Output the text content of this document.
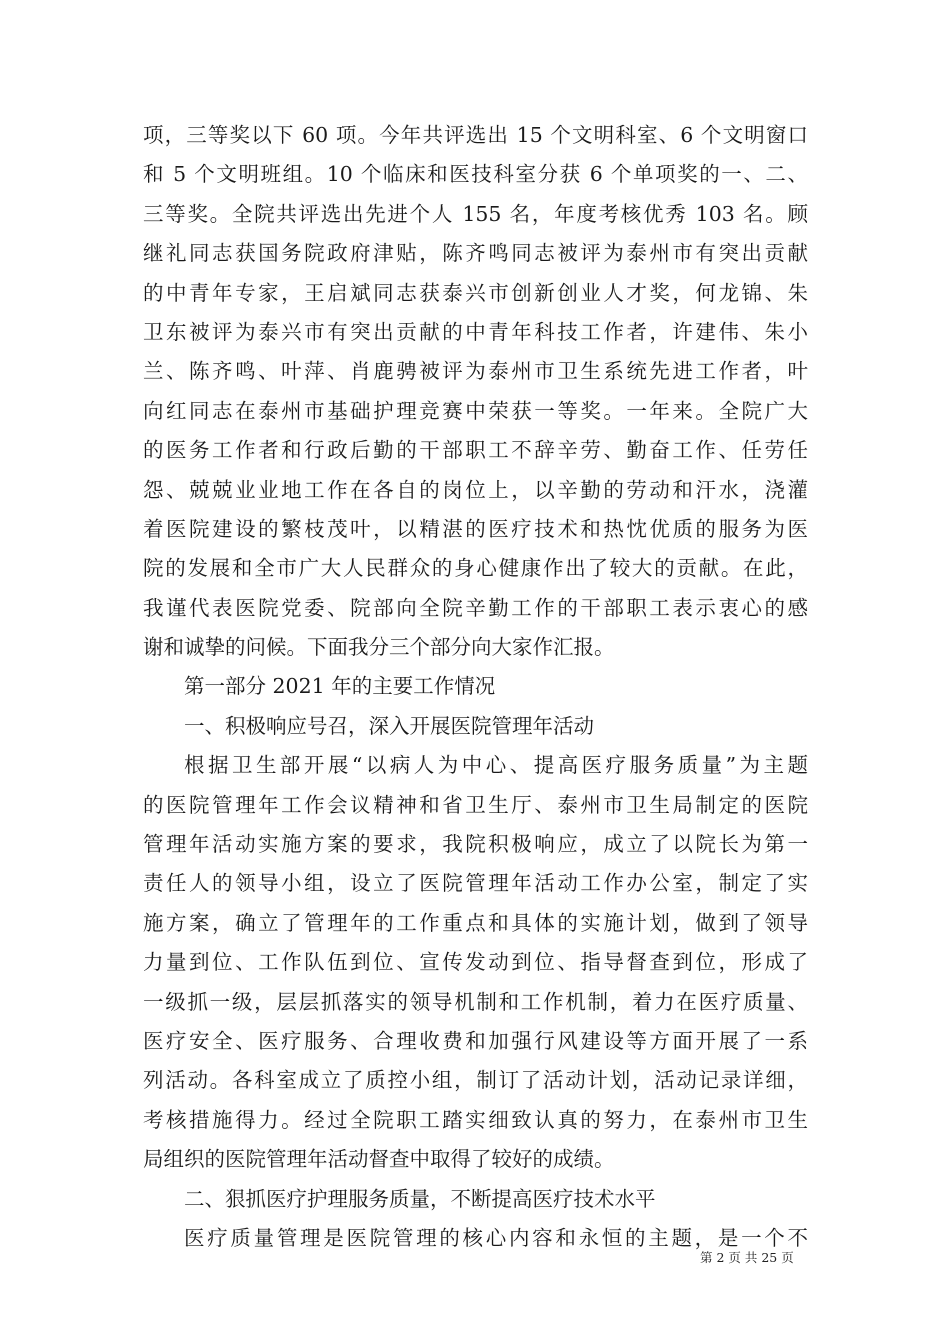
项，三等奖以下 60 项。今年共评选出 15 个文明科室、6 个文明窗口
和 5 个文明班组。10 个临床和医技科室分获 6 个单项奖的一、二、
三等奖。全院共评选出先进个人 155 名，年度考核优秀 103 名。顾
继礼同志获国务院政府津贴，陈齐鸣同志被评为泰州市有突出贡献
的中青年专家，王启斌同志获泰兴市创新创业人才奖，何龙锦、朱
卫东被评为泰兴市有突出贡献的中青年科技工作者，许建伟、朱小
兰、陈齐鸣、叶萍、肖鹿骋被评为泰州市卫生系统先进工作者，叶
向红同志在泰州市基础护理竞赛中荣获一等奖。一年来。全院广大
的医务工作者和行政后勤的干部职工不辞辛劳、勤奋工作、任劳任
怨、兢兢业业地工作在各自的岗位上，以辛勤的劳动和汗水，浇灌
着医院建设的繁枝茂叶，以精湛的医疗技术和热忱优质的服务为医
院的发展和全市广大人民群众的身心健康作出了较大的贡献。在此，
我谨代表医院党委、院部向全院辛勤工作的干部职工表示衷心的感
谢和诚挚的问候。下面我分三个部分向大家作汇报。
第一部分 2021 年的主要工作情况
一、积极响应号召，深入开展医院管理年活动
根据卫生部开展“以病人为中心、提高医疗服务质量”为主题
的医院管理年工作会议精神和省卫生厅、泰州市卫生局制定的医院
管理年活动实施方案的要求，我院积极响应，成立了以院长为第一
责任人的领导小组，设立了医院管理年活动工作办公室，制定了实
施方案，确立了管理年的工作重点和具体的实施计划，做到了领导
力量到位、工作队伍到位、宣传发动到位、指导督查到位，形成了
一级抓一级，层层抓落实的领导机制和工作机制，着力在医疗质量、
医疗安全、医疗服务、合理收费和加强行风建设等方面开展了一系
列活动。各科室成立了质控小组，制订了活动计划，活动记录详细，
考核措施得力。经过全院职工踏实细致认真的努力，在泰州市卫生
局组织的医院管理年活动督查中取得了较好的成绩。
二、狠抓医疗护理服务质量，不断提高医疗技术水平
医疗质量管理是医院管理的核心内容和永恒的主题，是一个不
第 2 页 共 25 页
